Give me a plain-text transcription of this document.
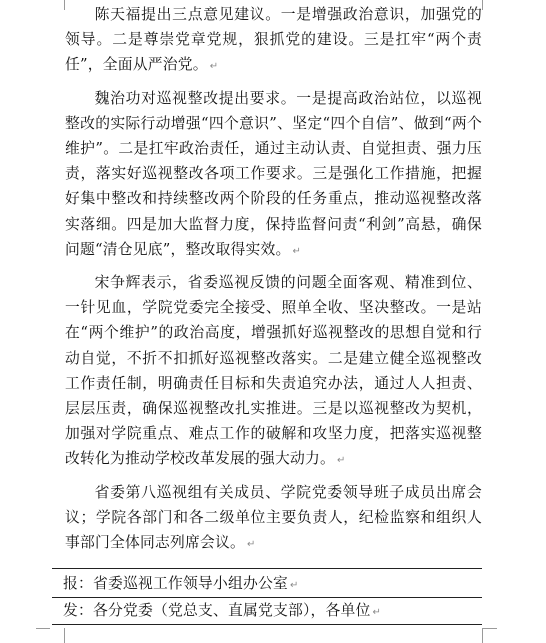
陈天福提出三点意见建议。一是增强政治意识，加强党的领导。二是尊崇党章党规，狠抓党的建设。三是扛牢“两个责任”，全面从严治党。 ↵

魏治功对巡视整改提出要求。一是提高政治站位，以巡视整改的实际行动增强“四个意识”、坚定“四个自信”、做到“两个维护”。二是扛牢政治责任，通过主动认责、自觉担责、强力压责，落实好巡视整改各项工作要求。三是强化工作措施，把握好集中整改和持续整改两个阶段的任务重点，推动巡视整改落实落细。四是加大监督力度，保持监督问责“利剑”高悬，确保问题“清仓见底”，整改取得实效。 ↵

宋争辉表示，省委巡视反馈的问题全面客观、精准到位、一针见血，学院党委完全接受、照单全收、坚决整改。一是站在“两个维护”的政治高度，增强抓好巡视整改的思想自觉和行动自觉，不折不扣抓好巡视整改落实。二是建立健全巡视整改工作责任制，明确责任目标和失责追究办法，通过人人担责、层层压责，确保巡视整改扎实推进。三是以巡视整改为契机，加强对学院重点、难点工作的破解和攻坚力度，把落实巡视整改转化为推动学校改革发展的强大动力。 ↵

省委第八巡视组有关成员、学院党委领导班子成员出席会议；学院各部门和各二级单位主要负责人，纪检监察和组织人事部门全体同志列席会议。 ↵

报：省委巡视工作领导小组办公室 ↵
发：各分党委（党总支、直属党支部），各单位 ↵
